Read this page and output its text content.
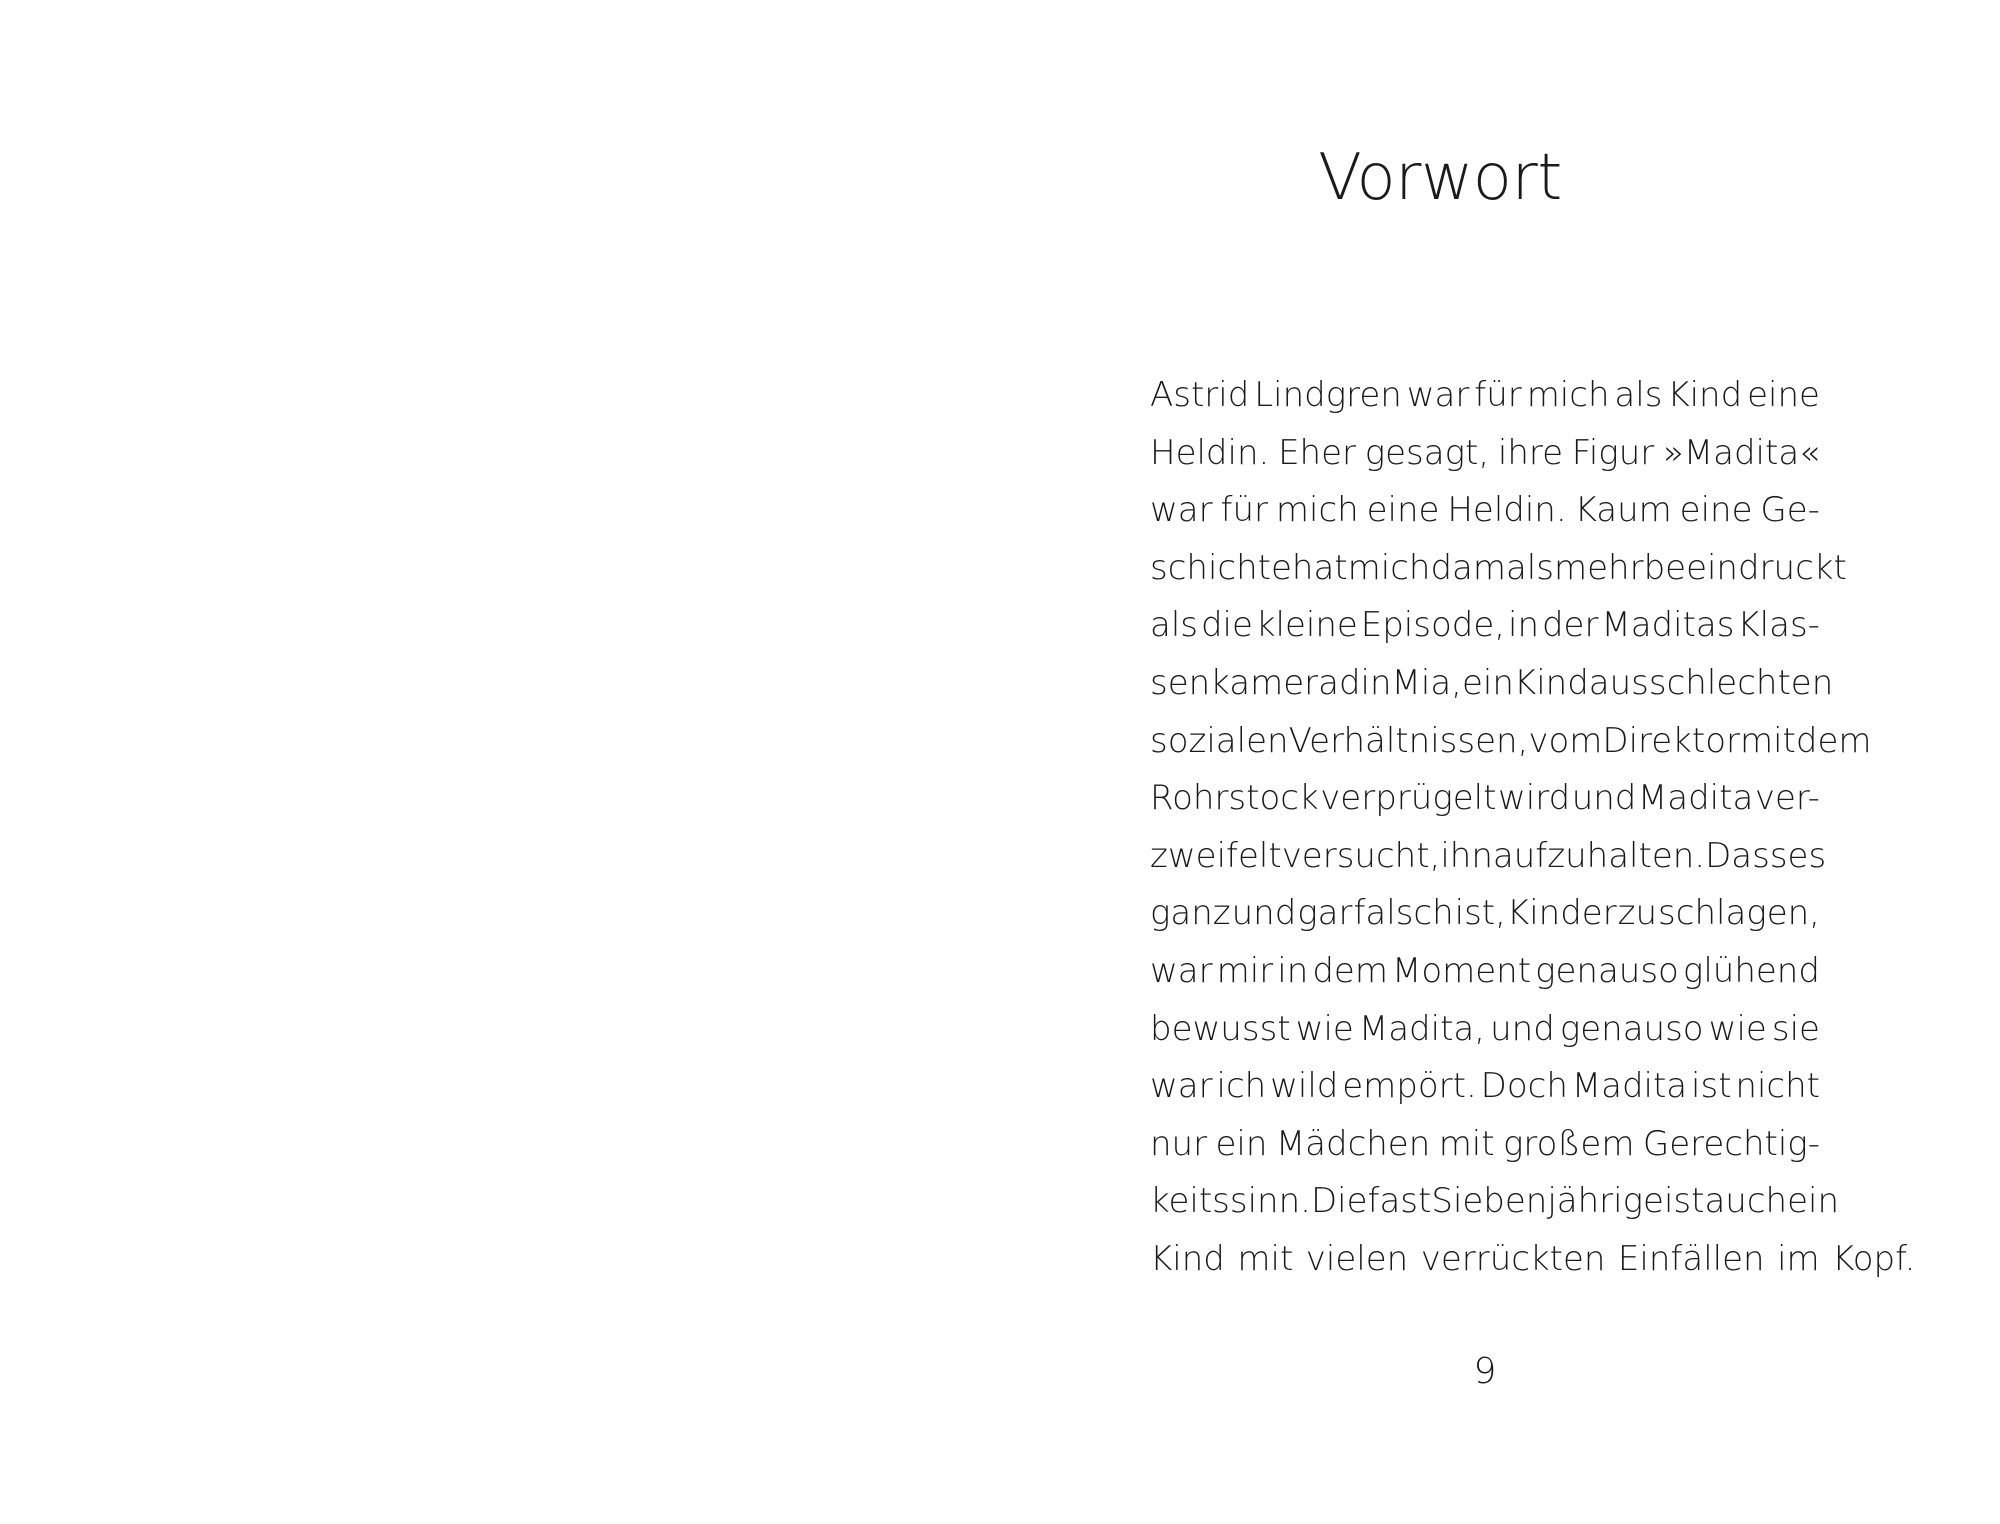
Vorwort
Astrid Lindgren war für mich als Kind eine
Heldin. Eher gesagt, ihre Figur »Madita«
war für mich eine Heldin. Kaum eine Ge-
schichte hat mich damals mehr beeindruckt
als die kleine Episode, in der Maditas Klas-
senkameradin Mia, ein Kind aus schlechten
sozialen Verhältnissen, vom Direktor mit dem
Rohrstock verprügelt wird und Madita ver-
zweifelt versucht, ihn aufzuhalten. Dass es
ganz und gar falsch ist, Kinder zu schlagen,
war mir in dem Moment genauso glühend
bewusst wie Madita, und genauso wie sie
war ich wild empört. Doch Madita ist nicht
nur ein Mädchen mit großem Gerechtig-
keitssinn. Die fast Siebenjährige ist auch ein
Kind mit vielen verrückten Einfällen im Kopf.
9
